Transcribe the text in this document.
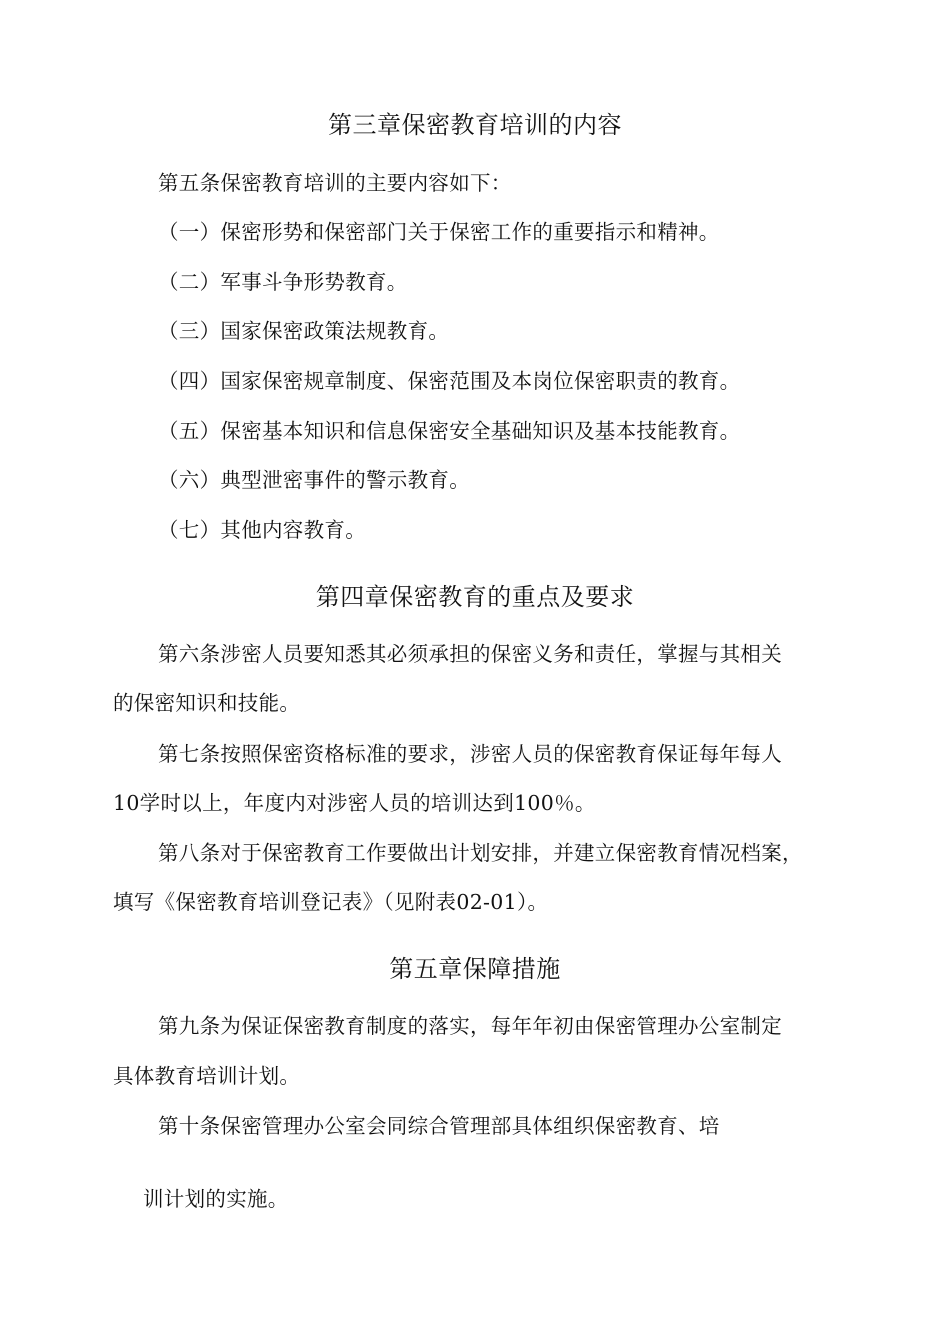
第三章保密教育培训的内容
第五条保密教育培训的主要内容如下：
（一）保密形势和保密部门关于保密工作的重要指示和精神。
（二）军事斗争形势教育。
（三）国家保密政策法规教育。
（四）国家保密规章制度、保密范围及本岗位保密职责的教育。
（五）保密基本知识和信息保密安全基础知识及基本技能教育。
（六）典型泄密事件的警示教育。
（七）其他内容教育。
第四章保密教育的重点及要求
第六条涉密人员要知悉其必须承担的保密义务和责任，掌握与其相关
的保密知识和技能。
第七条按照保密资格标准的要求，涉密人员的保密教育保证每年每人
10学时以上，年度内对涉密人员的培训达到100％。
第八条对于保密教育工作要做出计划安排，并建立保密教育情况档案，
填写《保密教育培训登记表》（见附表02-01）。
第五章保障措施
第九条为保证保密教育制度的落实，每年年初由保密管理办公室制定
具体教育培训计划。
第十条保密管理办公室会同综合管理部具体组织保密教育、培
训计划的实施。
